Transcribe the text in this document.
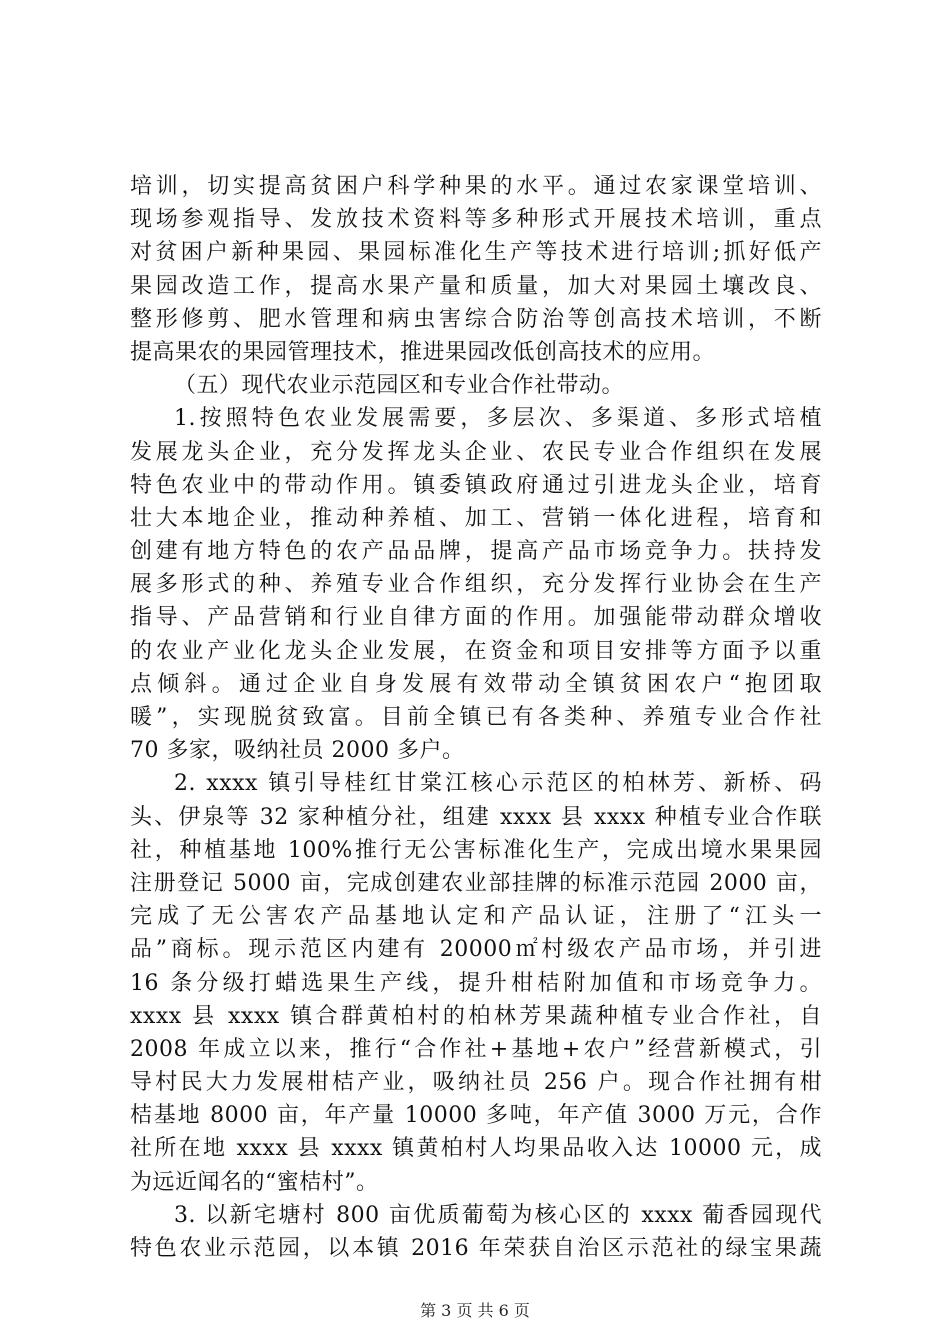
培训，切实提高贫困户科学种果的水平。通过农家课堂培训、
现场参观指导、发放技术资料等多种形式开展技术培训，重点
对贫困户新种果园、果园标准化生产等技术进行培训;抓好低产
果园改造工作，提高水果产量和质量，加大对果园土壤改良、
整形修剪、肥水管理和病虫害综合防治等创高技术培训，不断
提高果农的果园管理技术，推进果园改低创高技术的应用。
（五）现代农业示范园区和专业合作社带动。
1.按照特色农业发展需要，多层次、多渠道、多形式培植
发展龙头企业，充分发挥龙头企业、农民专业合作组织在发展
特色农业中的带动作用。镇委镇政府通过引进龙头企业，培育
壮大本地企业，推动种养植、加工、营销一体化进程，培育和
创建有地方特色的农产品品牌，提高产品市场竞争力。扶持发
展多形式的种、养殖专业合作组织，充分发挥行业协会在生产
指导、产品营销和行业自律方面的作用。加强能带动群众增收
的农业产业化龙头企业发展，在资金和项目安排等方面予以重
点倾斜。通过企业自身发展有效带动全镇贫困农户“抱团取
暖”，实现脱贫致富。目前全镇已有各类种、养殖专业合作社
70 多家，吸纳社员 2000 多户。
2. xxxx 镇引导桂红甘棠江核心示范区的柏林芳、新桥、码
头、伊泉等 32 家种植分社，组建 xxxx 县 xxxx 种植专业合作联
社，种植基地 100%推行无公害标准化生产，完成出境水果果园
注册登记 5000 亩，完成创建农业部挂牌的标准示范园 2000 亩，
完成了无公害农产品基地认定和产品认证，注册了“江头一
品”商标。现示范区内建有 20000㎡村级农产品市场，并引进
16 条分级打蜡选果生产线，提升柑桔附加值和市场竞争力。
xxxx 县 xxxx 镇合群黄柏村的柏林芳果蔬种植专业合作社，自
2008 年成立以来，推行“合作社+基地+农户”经营新模式，引
导村民大力发展柑桔产业，吸纳社员 256 户。现合作社拥有柑
桔基地 8000 亩，年产量 10000 多吨，年产值 3000 万元，合作
社所在地 xxxx 县 xxxx 镇黄柏村人均果品收入达 10000 元，成
为远近闻名的“蜜桔村”。
3. 以新宅塘村 800 亩优质葡萄为核心区的 xxxx 葡香园现代
特色农业示范园，以本镇 2016 年荣获自治区示范社的绿宝果蔬
第 3 页 共 6 页
